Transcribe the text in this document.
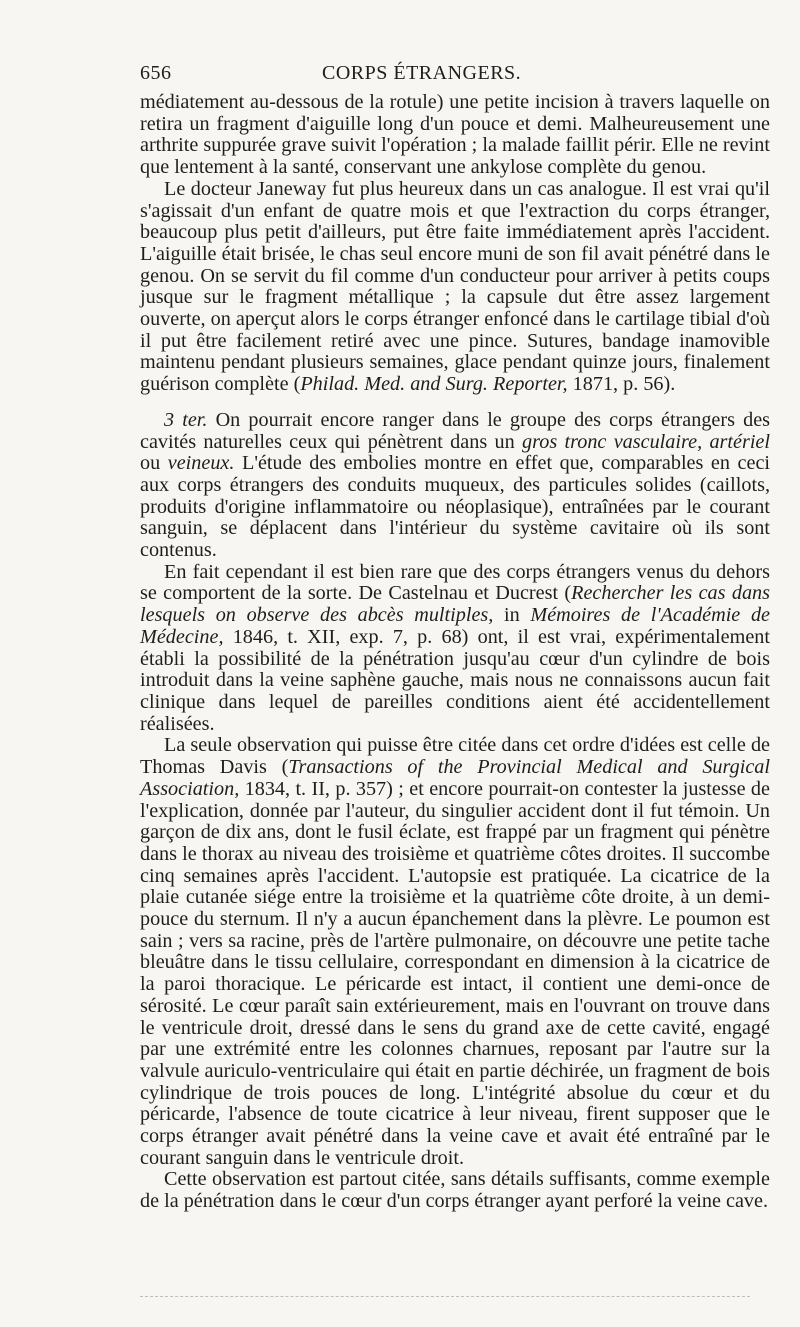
656	CORPS ÉTRANGERS.

médiatement au-dessous de la rotule) une petite incision à travers laquelle on retira un fragment d'aiguille long d'un pouce et demi. Malheureusement une arthrite suppurée grave suivit l'opération ; la malade faillit périr. Elle ne revint que lentement à la santé, conservant une ankylose complète du genou.

Le docteur Janeway fut plus heureux dans un cas analogue. Il est vrai qu'il s'agissait d'un enfant de quatre mois et que l'extraction du corps étranger, beaucoup plus petit d'ailleurs, put être faite immédiatement après l'accident. L'aiguille était brisée, le chas seul encore muni de son fil avait pénétré dans le genou. On se servit du fil comme d'un conducteur pour arriver à petits coups jusque sur le fragment métallique ; la capsule dut être assez largement ouverte, on aperçut alors le corps étranger enfoncé dans le cartilage tibial d'où il put être facilement retiré avec une pince. Sutures, bandage inamovible maintenu pendant plusieurs semaines, glace pendant quinze jours, finalement guérison complète (Philad. Med. and Surg. Reporter, 1871, p. 56).

3 ter. On pourrait encore ranger dans le groupe des corps étrangers des cavités naturelles ceux qui pénètrent dans un gros tronc vasculaire, artériel ou veineux. L'étude des embolies montre en effet que, comparables en ceci aux corps étrangers des conduits muqueux, des particules solides (caillots, produits d'origine inflammatoire ou néoplasique), entraînées par le courant sanguin, se déplacent dans l'intérieur du système cavitaire où ils sont contenus.

En fait cependant il est bien rare que des corps étrangers venus du dehors se comportent de la sorte. De Castelnau et Ducrest (Rechercher les cas dans lesquels on observe des abcès multiples, in Mémoires de l'Académie de Médecine, 1846, t. XII, exp. 7, p. 68) ont, il est vrai, expérimentalement établi la possibilité de la pénétration jusqu'au cœur d'un cylindre de bois introduit dans la veine saphène gauche, mais nous ne connaissons aucun fait clinique dans lequel de pareilles conditions aient été accidentellement réalisées.

La seule observation qui puisse être citée dans cet ordre d'idées est celle de Thomas Davis (Transactions of the Provincial Medical and Surgical Association, 1834, t. II, p. 357) ; et encore pourrait-on contester la justesse de l'explication, donnée par l'auteur, du singulier accident dont il fut témoin. Un garçon de dix ans, dont le fusil éclate, est frappé par un fragment qui pénètre dans le thorax au niveau des troisième et quatrième côtes droites. Il succombe cinq semaines après l'accident. L'autopsie est pratiquée. La cicatrice de la plaie cutanée siége entre la troisième et la quatrième côte droite, à un demi-pouce du sternum. Il n'y a aucun épanchement dans la plèvre. Le poumon est sain ; vers sa racine, près de l'artère pulmonaire, on découvre une petite tache bleuâtre dans le tissu cellulaire, correspondant en dimension à la cicatrice de la paroi thoracique. Le péricarde est intact, il contient une demi-once de sérosité. Le cœur paraît sain extérieurement, mais en l'ouvrant on trouve dans le ventricule droit, dressé dans le sens du grand axe de cette cavité, engagé par une extrémité entre les colonnes charnues, reposant par l'autre sur la valvule auriculo-ventriculaire qui était en partie déchirée, un fragment de bois cylindrique de trois pouces de long. L'intégrité absolue du cœur et du péricarde, l'absence de toute cicatrice à leur niveau, firent supposer que le corps étranger avait pénétré dans la veine cave et avait été entraîné par le courant sanguin dans le ventricule droit.

Cette observation est partout citée, sans détails suffisants, comme exemple de la pénétration dans le cœur d'un corps étranger ayant perforé la veine cave.
